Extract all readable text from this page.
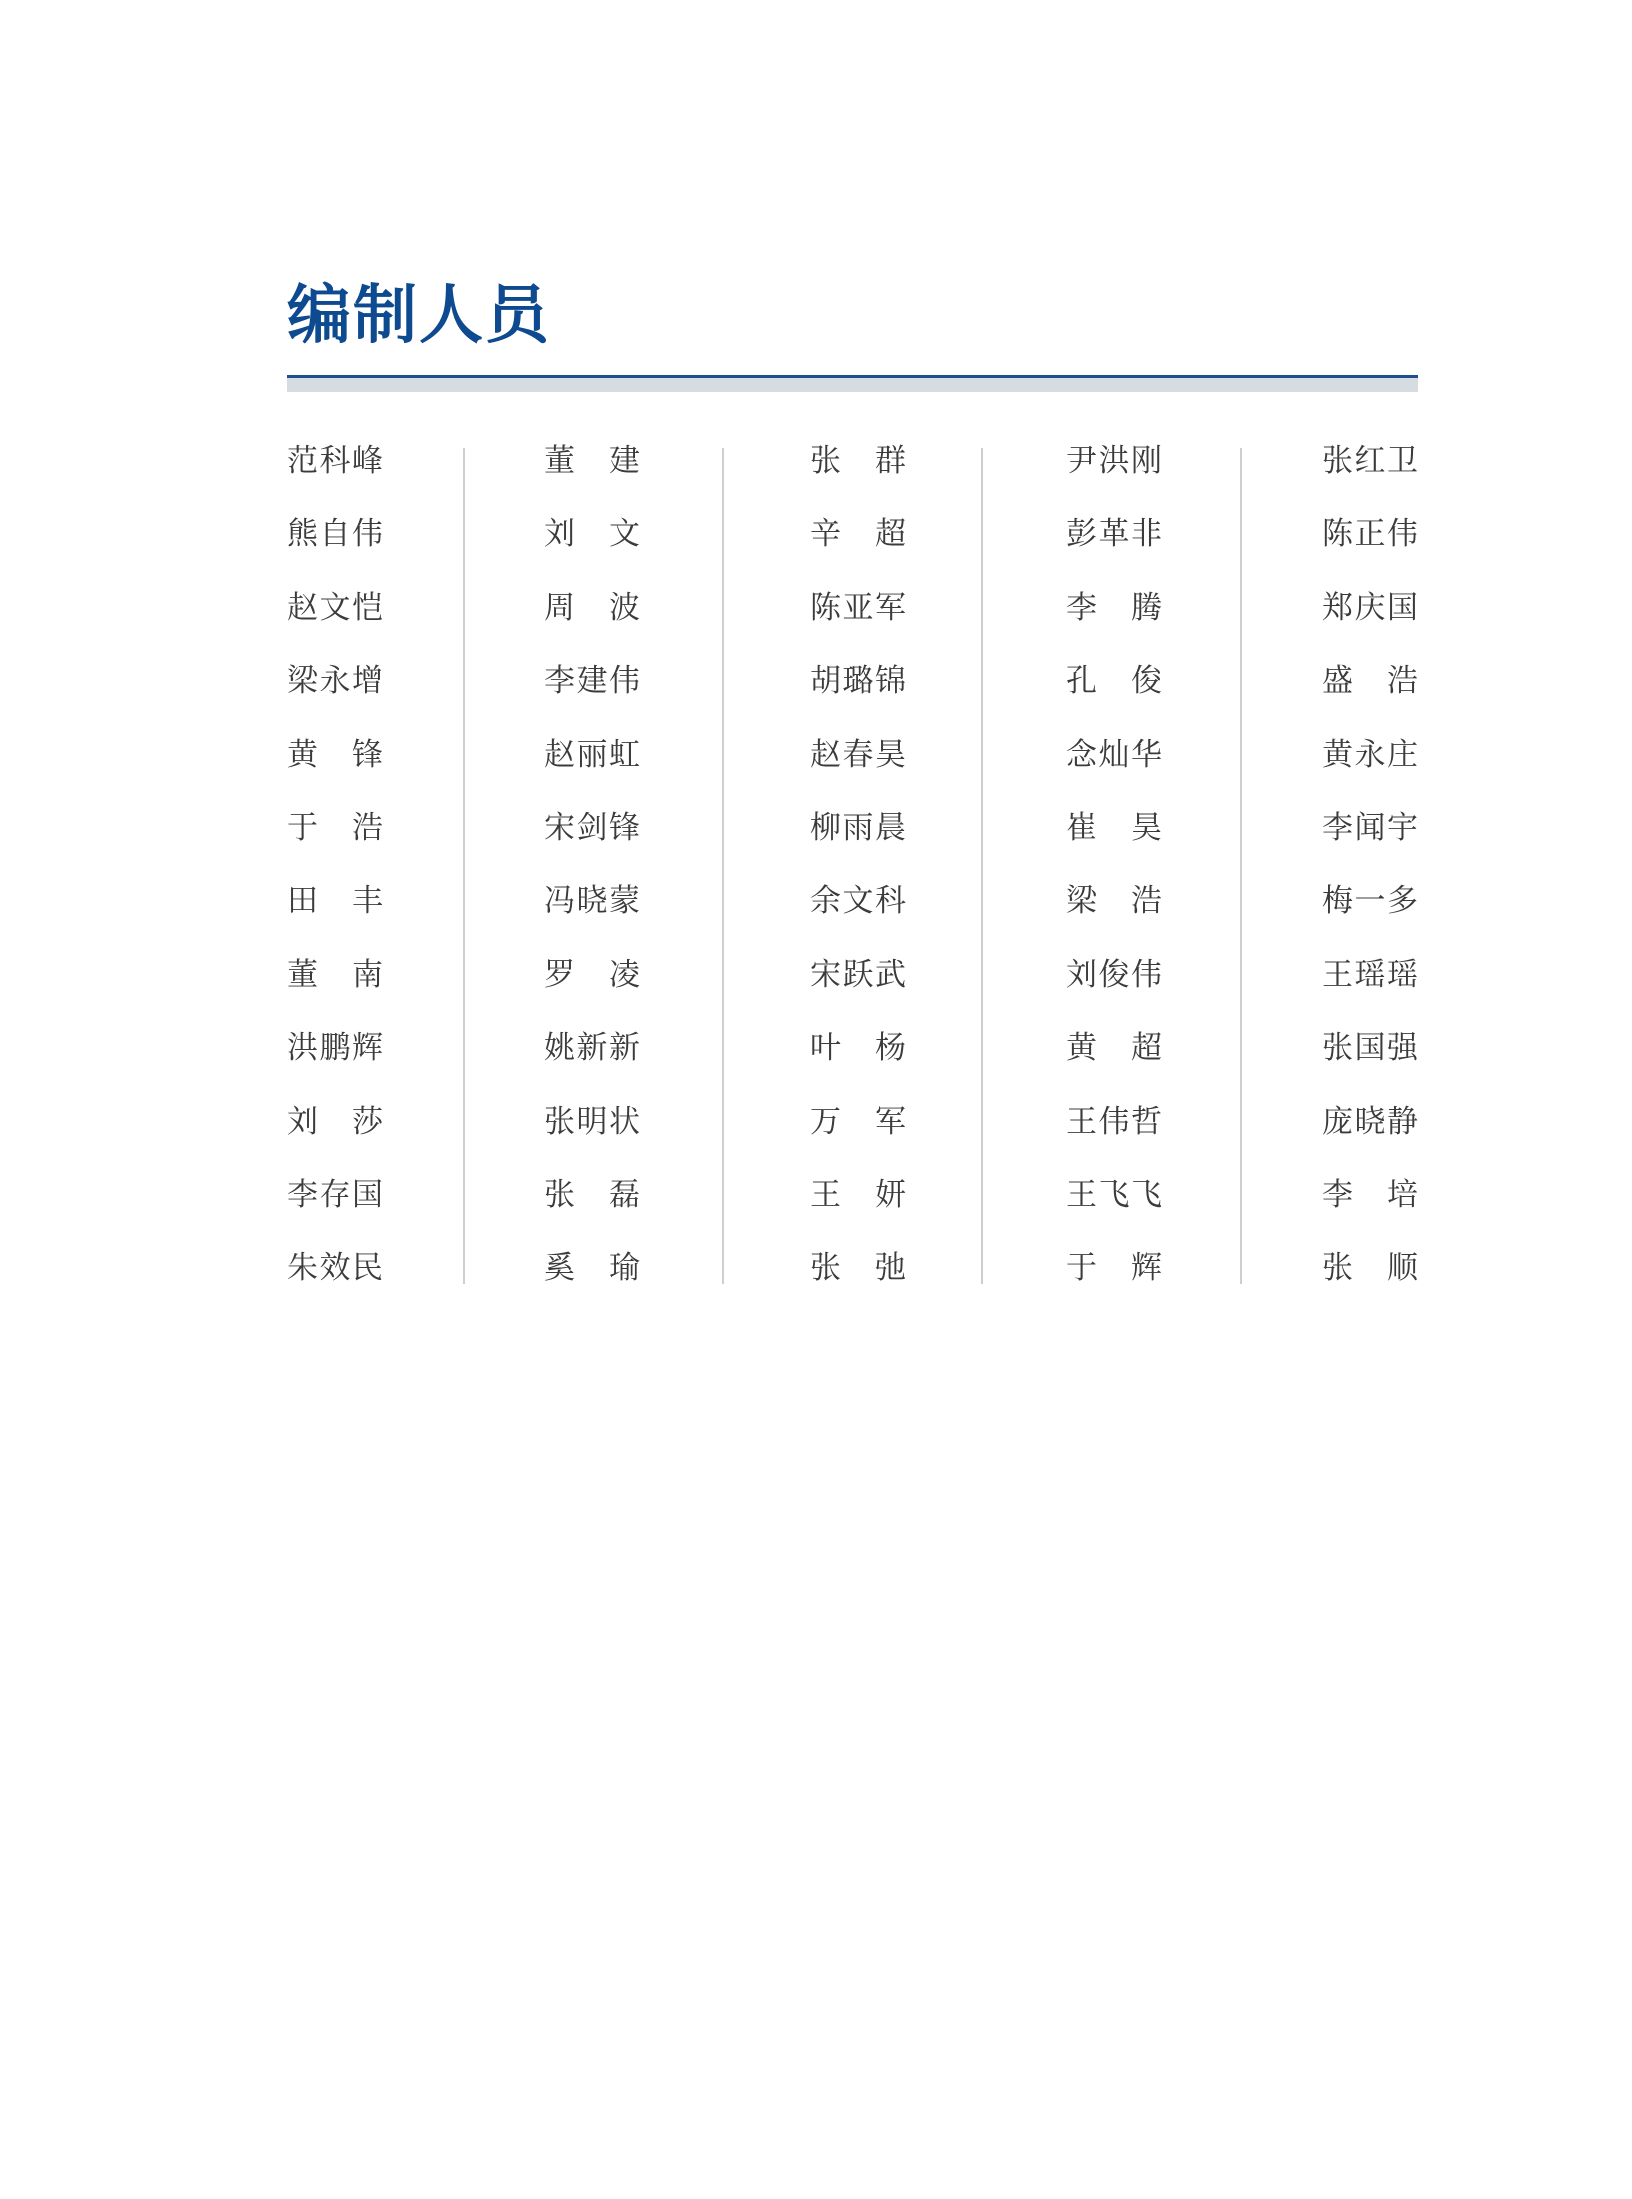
编制人员
范 科 峰
熊 自 伟
赵 文 恺
梁 永 增
黄 锋
于 浩
田 丰
董 南
洪 鹏 辉
刘 莎
李 存 国
朱 效 民
董 建
刘 文
周 波
李 建 伟
赵 丽 虹
宋 剑 锋
冯 晓 蒙
罗 凌
姚 新 新
张 明 状
张 磊
奚 瑜
张 群
辛 超
陈 亚 军
胡 璐 锦
赵 春 昊
柳 雨 晨
余 文 科
宋 跃 武
叶 杨
万 军
王 妍
张 弛
尹 洪 刚
彭 革 非
李 腾
孔 俊
念 灿 华
崔 昊
梁 浩
刘 俊 伟
黄 超
王 伟 哲
王 飞 飞
于 辉
张 红 卫
陈 正 伟
郑 庆 国
盛 浩
黄 永 庄
李 闻 宇
梅 一 多
王 瑶 瑶
张 国 强
庞 晓 静
李 培
张 顺
